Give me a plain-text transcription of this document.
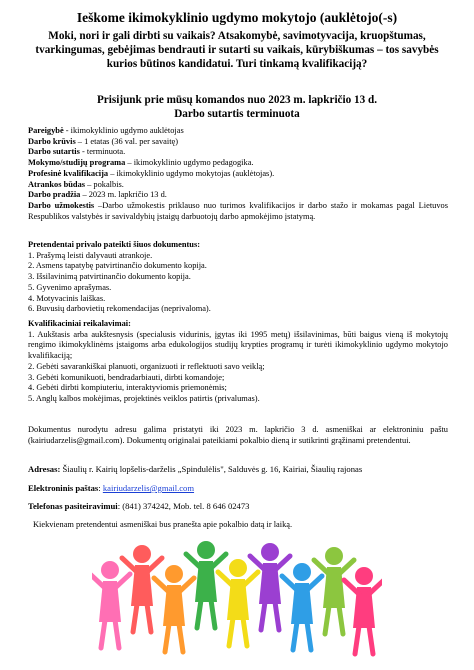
Ieškome ikimokyklinio ugdymo mokytojo (auklėtojo(-s)
Moki, nori ir gali dirbti su vaikais? Atsakomybė, savimotyvacija, kruopštumas, tvarkingumas, gebėjimas bendrauti ir sutarti su vaikais, kūrybiškumas – tos savybės kurios būtinos kandidatui. Turi tinkamą kvalifikaciją?
Prisijunk prie mūsų komandos nuo 2023 m. lapkričio 13 d.
Darbo sutartis terminuota
Pareigybė - ikimokyklinio ugdymo auklėtojas
Darbo krūvis – 1 etatas (36 val. per savaitę)
Darbo sutartis - terminuota.
Mokymo/studijų programa – ikimokyklinio ugdymo pedagogika.
Profesinė kvalifikacija – ikimokyklinio ugdymo mokytojas (auklėtojas).
Atrankos būdas – pokalbis.
Darbo pradžia – 2023 m. lapkričio 13 d.
Darbo užmokestis –Darbo užmokestis priklauso nuo turimos kvalifikacijos ir darbo stažo ir mokamas pagal Lietuvos Respublikos valstybės ir savivaldybių įstaigų darbuotojų darbo apmokėjimo įstatymą.
Pretendentai privalo pateikti šiuos dokumentus:
1. Prašymą leisti dalyvauti atrankoje.
2. Asmens tapatybę patvirtinančio dokumento kopija.
3. Išsilavinimą patvirtinančio dokumento kopija.
5. Gyvenimo aprašymas.
4. Motyvacinis laiškas.
6. Buvusių darbovietių rekomendacijas (neprivaloma).
Kvalifikaciniai reikalavimai:
1. Aukštasis arba aukštesnysis (specialusis vidurinis, įgytas iki 1995 metų) išsilavinimas, būti baigus vieną iš mokytojų rengimo ikimokyklinėms įstaigoms arba edukologijos studijų krypties programų ir turėti ikimokyklinio ugdymo mokytojo kvalifikaciją;
2. Gebėti savarankiškai planuoti, organizuoti ir reflektuoti savo veiklą;
3. Gebėti komunikuoti, bendradarbiauti, dirbti komandoje;
4. Gebėti dirbti kompiuteriu, interaktyviomis priemonėmis;
5. Anglų kalbos mokėjimas, projektinės veiklos patirtis (privalumas).
Dokumentus nurodytu adresu galima pristatyti iki 2023 m. lapkričio 3 d. asmeniškai ar elektroniniu paštu (kairiudarzelis@gmail.com). Dokumentų originalai pateikiami pokalbio dieną ir sutikrinti grąžinami pretendentui.
Adresas: Šiaulių r. Kairių lopšelis-darželis „Spindulėlis", Salduvės g. 16, Kairiai, Šiaulių rajonas
Elektroninis paštas: kairiudarzelis@gmail.com
Telefonas pasiteiravimui: (841) 374242, Mob. tel. 8 646 02473
Kiekvienam pretendentui asmeniškai bus pranešta apie pokalbio datą ir laiką.
